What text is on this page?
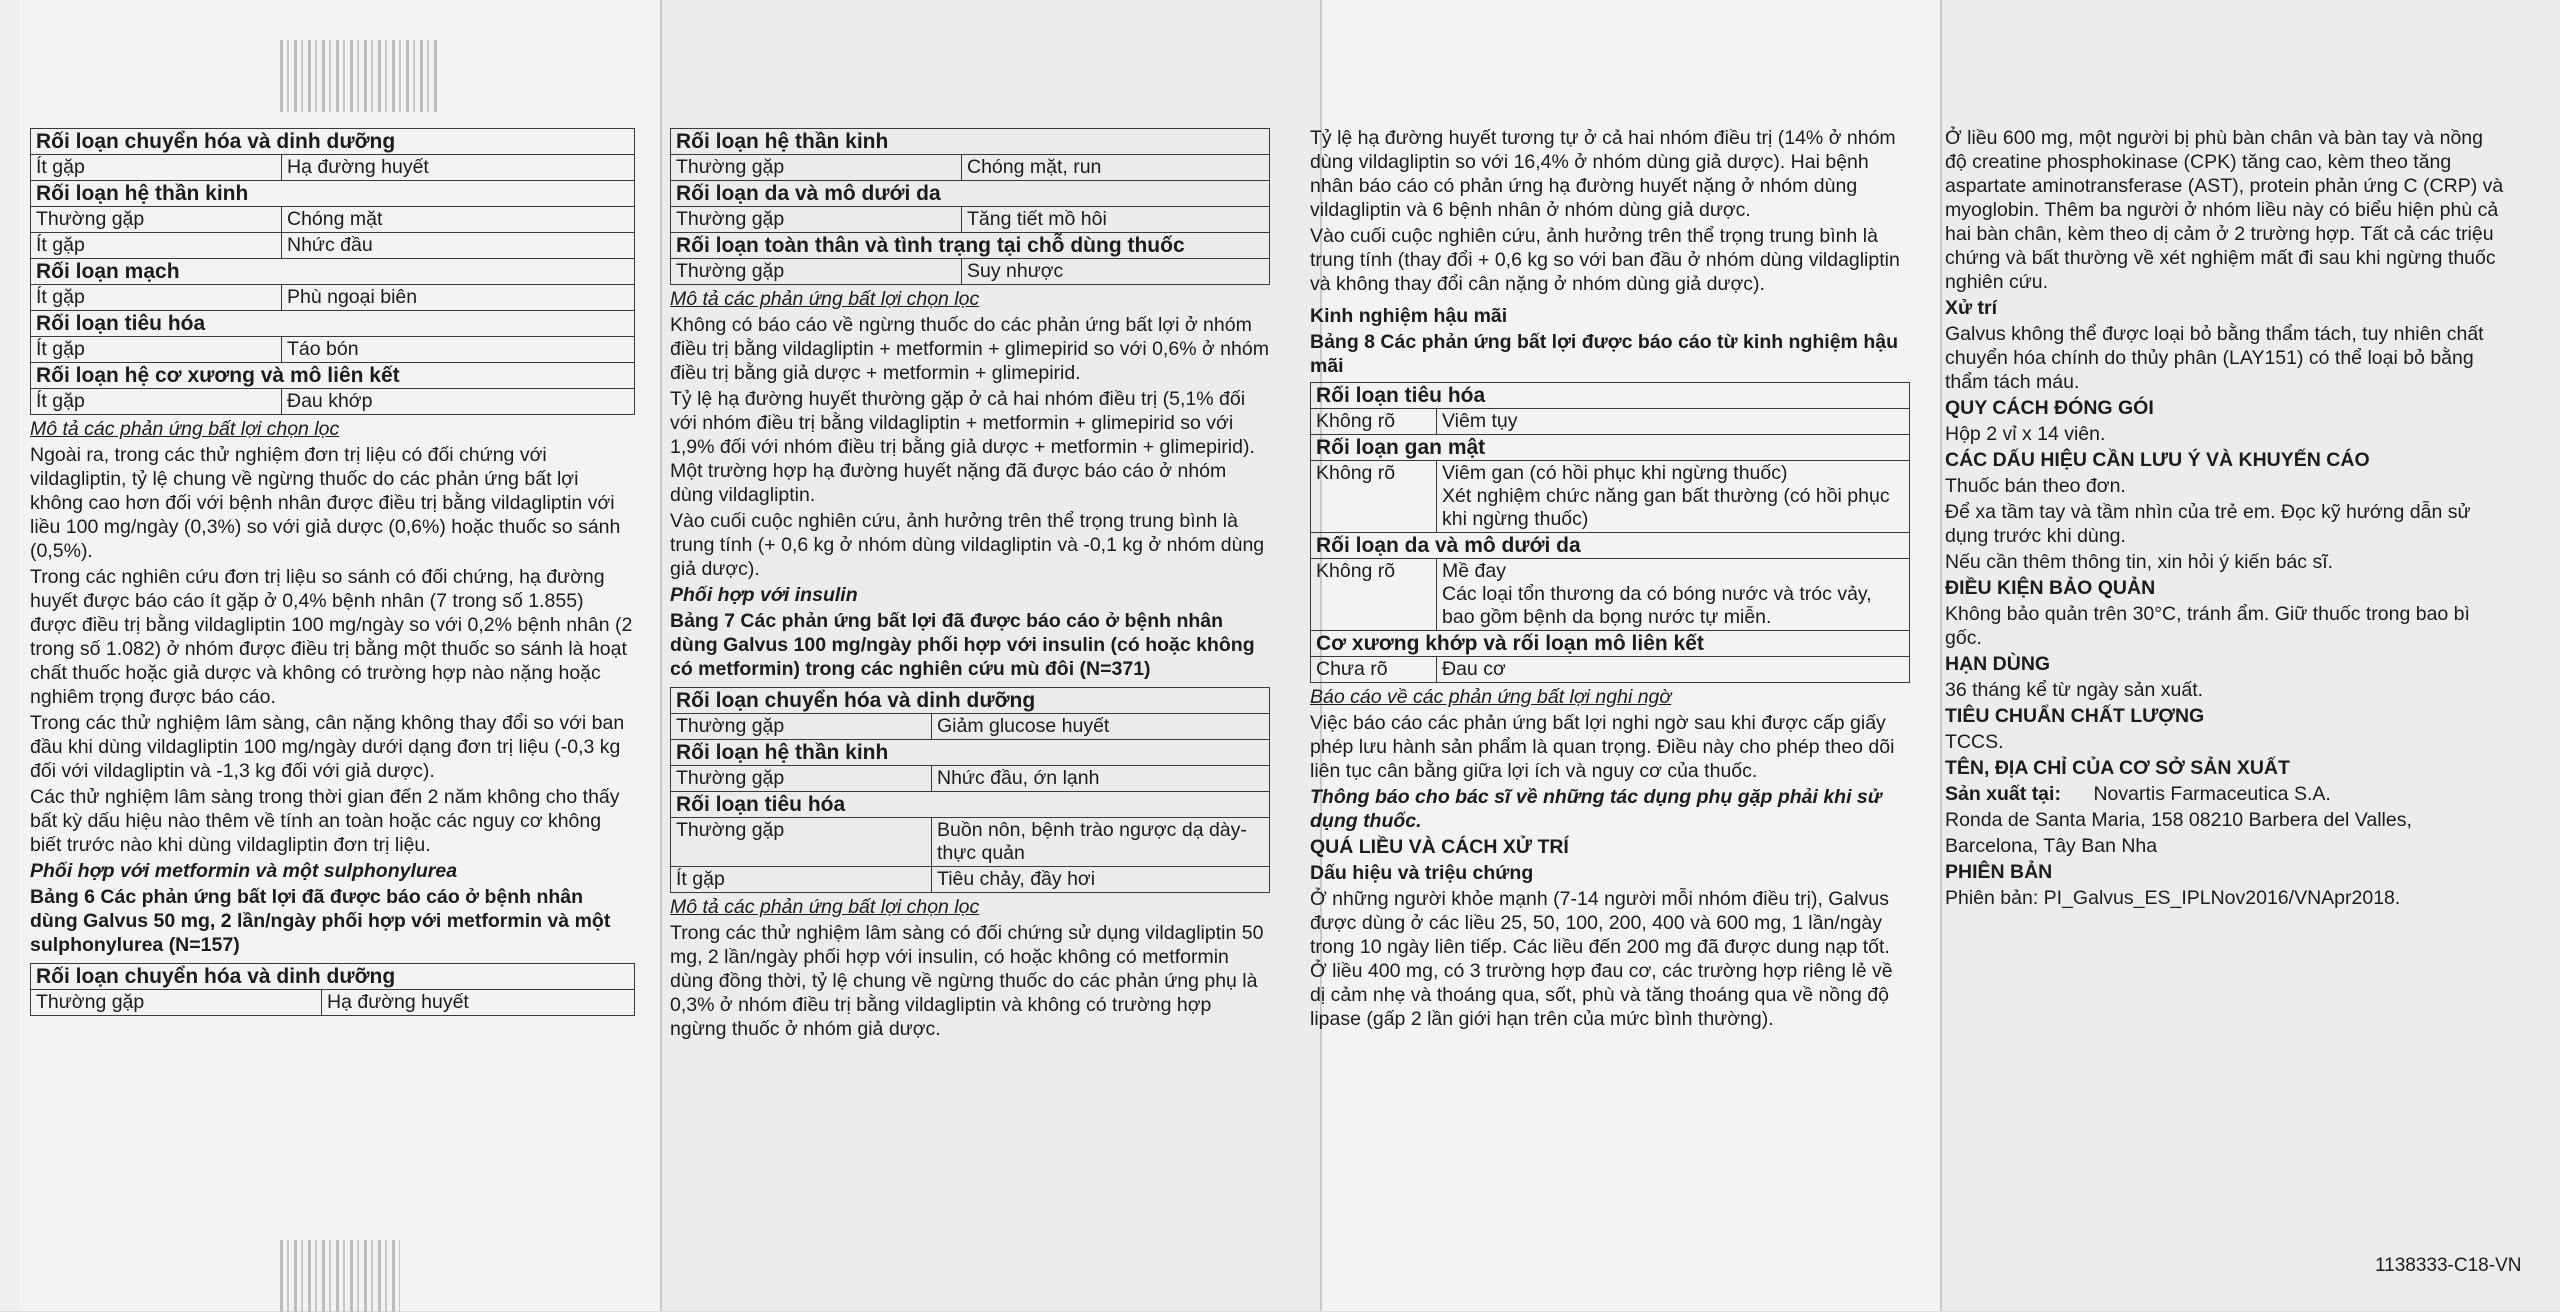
Rối loạn chuyển hóa và dinh dưỡng	
Ít gặp	Hạ đường huyết
Rối loạn hệ thần kinh	
Thường gặp	Chóng mặt
Ít gặp	Nhức đầu
Rối loạn mạch	
Ít gặp	Phù ngoại biên
Rối loạn tiêu hóa	
Ít gặp	Táo bón
Rối loạn hệ cơ xương và mô liên kết	
Ít gặp	Đau khớp

Mô tả các phản ứng bất lợi chọn lọc

Ngoài ra, trong các thử nghiệm đơn trị liệu có đối chứng với vildagliptin, tỷ lệ chung về ngừng thuốc do các phản ứng bất lợi không cao hơn đối với bệnh nhân được điều trị bằng vildagliptin với liều 100 mg/ngày (0,3%) so với giả dược (0,6%) hoặc thuốc so sánh (0,5%).

Trong các nghiên cứu đơn trị liệu so sánh có đối chứng, hạ đường huyết được báo cáo ít gặp ở 0,4% bệnh nhân (7 trong số 1.855) được điều trị bằng vildagliptin 100 mg/ngày so với 0,2% bệnh nhân (2 trong số 1.082) ở nhóm được điều trị bằng một thuốc so sánh là hoạt chất thuốc hoặc giả dược và không có trường hợp nào nặng hoặc nghiêm trọng được báo cáo.

Trong các thử nghiệm lâm sàng, cân nặng không thay đổi so với ban đầu khi dùng vildagliptin 100 mg/ngày dưới dạng đơn trị liệu (-0,3 kg đối với vildagliptin và -1,3 kg đối với giả dược).

Các thử nghiệm lâm sàng trong thời gian đến 2 năm không cho thấy bất kỳ dấu hiệu nào thêm về tính an toàn hoặc các nguy cơ không biết trước nào khi dùng vildagliptin đơn trị liệu.

Phối hợp với metformin và một sulphonylurea

Bảng 6 Các phản ứng bất lợi đã được báo cáo ở bệnh nhân dùng Galvus 50 mg, 2 lần/ngày phối hợp với metformin và một sulphonylurea (N=157)

Rối loạn chuyển hóa và dinh dưỡng
Thường gặp	Hạ đường huyết
Rối loạn hệ thần kinh	
Thường gặp	Chóng mặt, run
Rối loạn da và mô dưới da	
Thường gặp	Tăng tiết mồ hôi
Rối loạn toàn thân và tình trạng tại chỗ dùng thuốc	
Thường gặp	Suy nhược

Mô tả các phản ứng bất lợi chọn lọc

Không có báo cáo về ngừng thuốc do các phản ứng bất lợi ở nhóm điều trị bằng vildagliptin + metformin + glimepirid so với 0,6% ở nhóm điều trị bằng giả dược + metformin + glimepirid.

Tỷ lệ hạ đường huyết thường gặp ở cả hai nhóm điều trị (5,1% đối với nhóm điều trị bằng vildagliptin + metformin + glimepirid so với 1,9% đối với nhóm điều trị bằng giả dược + metformin + glimepirid). Một trường hợp hạ đường huyết nặng đã được báo cáo ở nhóm dùng vildagliptin.

Vào cuối cuộc nghiên cứu, ảnh hưởng trên thể trọng trung bình là trung tính (+ 0,6 kg ở nhóm dùng vildagliptin và -0,1 kg ở nhóm dùng giả dược).

Phối hợp với insulin

Bảng 7 Các phản ứng bất lợi đã được báo cáo ở bệnh nhân dùng Galvus 100 mg/ngày phối hợp với insulin (có hoặc không có metformin) trong các nghiên cứu mù đôi (N=371)

Rối loạn chuyển hóa và dinh dưỡng	
Thường gặp	Giảm glucose huyết
Rối loạn hệ thần kinh	
Thường gặp	Nhức đầu, ớn lạnh
Rối loạn tiêu hóa	
Thường gặp	Buồn nôn, bệnh trào ngược dạ dày-thực quản
Ít gặp	Tiêu chảy, đầy hơi

Mô tả các phản ứng bất lợi chọn lọc

Trong các thử nghiệm lâm sàng có đối chứng sử dụng vildagliptin 50 mg, 2 lần/ngày phối hợp với insulin, có hoặc không có metformin dùng đồng thời, tỷ lệ chung về ngừng thuốc do các phản ứng phụ là 0,3% ở nhóm điều trị bằng vildagliptin và không có trường hợp ngừng thuốc ở nhóm giả dược.

Tỷ lệ hạ đường huyết tương tự ở cả hai nhóm điều trị (14% ở nhóm dùng vildagliptin so với 16,4% ở nhóm dùng giả dược). Hai bệnh nhân báo cáo có phản ứng hạ đường huyết nặng ở nhóm dùng vildagliptin và 6 bệnh nhân ở nhóm dùng giả dược.

Vào cuối cuộc nghiên cứu, ảnh hưởng trên thể trọng trung bình là trung tính (thay đổi + 0,6 kg so với ban đầu ở nhóm dùng vildagliptin và không thay đổi cân nặng ở nhóm dùng giả dược).

Kinh nghiệm hậu mãi

Bảng 8 Các phản ứng bất lợi được báo cáo từ kinh nghiệm hậu mãi

Rối loạn tiêu hóa	
Không rõ	Viêm tụy
Rối loạn gan mật	
Không rõ	Viêm gan (có hồi phục khi ngừng thuốc)
Xét nghiệm chức năng gan bất thường (có hồi phục khi ngừng thuốc)

Rối loạn da và mô dưới da	
Không rõ	Mề đay
Các loại tổn thương da có bóng nước và tróc vảy, bao gồm bệnh da bọng nước tự miễn.

Cơ xương khớp và rối loạn mô liên kết	
Chưa rõ	Đau cơ

Báo cáo về các phản ứng bất lợi nghi ngờ

Việc báo cáo các phản ứng bất lợi nghi ngờ sau khi được cấp giấy phép lưu hành sản phẩm là quan trọng. Điều này cho phép theo dõi liên tục cân bằng giữa lợi ích và nguy cơ của thuốc.

Thông báo cho bác sĩ về những tác dụng phụ gặp phải khi sử dụng thuốc.

QUÁ LIỀU VÀ CÁCH XỬ TRÍ

Dấu hiệu và triệu chứng

Ở những người khỏe mạnh (7-14 người mỗi nhóm điều trị), Galvus được dùng ở các liều 25, 50, 100, 200, 400 và 600 mg, 1 lần/ngày trong 10 ngày liên tiếp. Các liều đến 200 mg đã được dung nạp tốt. Ở liều 400 mg, có 3 trường hợp đau cơ, các trường hợp riêng lẻ về dị cảm nhẹ và thoáng qua, sốt, phù và tăng thoáng qua về nồng độ lipase (gấp 2 lần giới hạn trên của mức bình thường).

Ở liều 600 mg, một người bị phù bàn chân và bàn tay và nồng độ creatine phosphokinase (CPK) tăng cao, kèm theo tăng aspartate aminotransferase (AST), protein phản ứng C (CRP) và myoglobin. Thêm ba người ở nhóm liều này có biểu hiện phù cả hai bàn chân, kèm theo dị cảm ở 2 trường hợp. Tất cả các triệu chứng và bất thường về xét nghiệm mất đi sau khi ngừng thuốc nghiên cứu.

Xử trí

Galvus không thể được loại bỏ bằng thẩm tách, tuy nhiên chất chuyển hóa chính do thủy phân (LAY151) có thể loại bỏ bằng thẩm tách máu.

QUY CÁCH ĐÓNG GÓI

Hộp 2 vỉ x 14 viên.

CÁC DẤU HIỆU CẦN LƯU Ý VÀ KHUYẾN CÁO

Thuốc bán theo đơn.

Để xa tầm tay và tầm nhìn của trẻ em. Đọc kỹ hướng dẫn sử dụng trước khi dùng.

Nếu cần thêm thông tin, xin hỏi ý kiến bác sĩ.

ĐIỀU KIỆN BẢO QUẢN

Không bảo quản trên 30°C, tránh ẩm. Giữ thuốc trong bao bì gốc.

HẠN DÙNG

36 tháng kể từ ngày sản xuất.

TIÊU CHUẨN CHẤT LƯỢNG

TCCS.

TÊN, ĐỊA CHỈ CỦA CƠ SỞ SẢN XUẤT

Sản xuất tại: Novartis Farmaceutica S.A.

Ronda de Santa Maria, 158 08210 Barbera del Valles,

Barcelona, Tây Ban Nha

PHIÊN BẢN

Phiên bản: PI_Galvus_ES_IPLNov2016/VNApr2018.

1138333-C18-VN
